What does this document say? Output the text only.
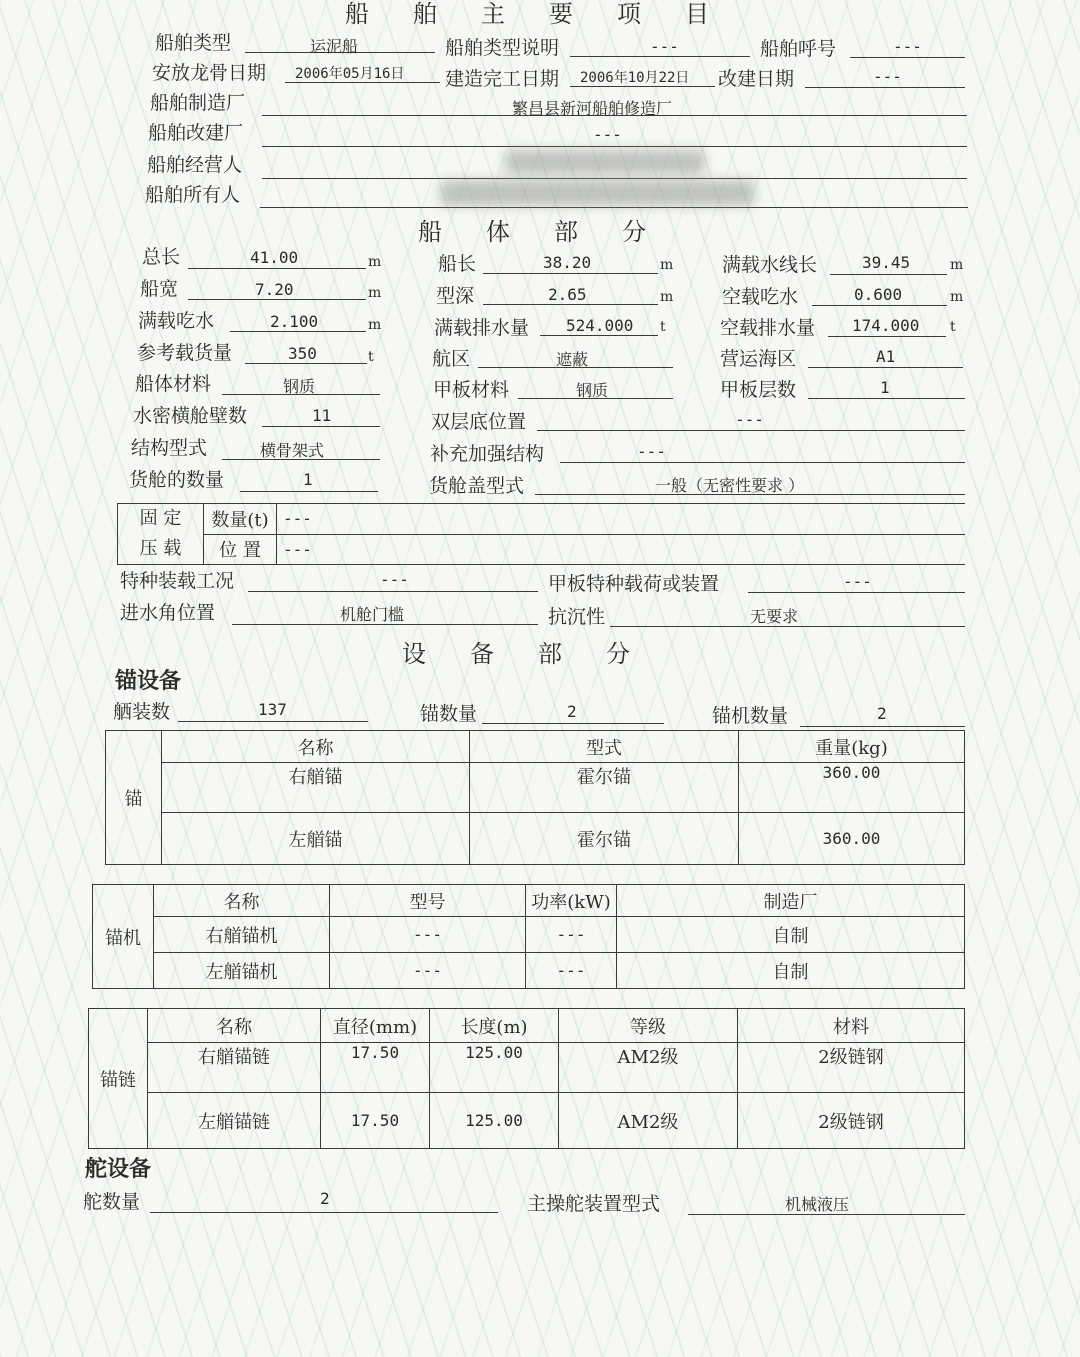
船舶主要项目
船舶类型	运泥船	船舶类型说明	---	船舶呼号	---
安放龙骨日期 2006年05月16日 建造完工日期 2006年10月22日 改建日期	---
船舶制造厂	繁昌县新河船舶修造厂
船舶改建厂	---
船舶经营人
船舶所有人
船体部分
总长	41.00	m	船长	38.20	m	满载水线长	39.45	m
船宽	7.20	m	型深	2.65	m	空载吃水	0.600	m
满载吃水	2.100	m	满载排水量 524.000 t	空载排水量 174.000 t
参考载货量	350	t	航区	遮蔽	营运海区	A1
船体材料	钢质	甲板材料	钢质	甲板层数	1
水密横舱壁数	11	双层底位置	---
结构型式	横骨架式	补充加强结构	---
货舱的数量	1	货舱盖型式	一般（无密性要求 ）
固 定
压 载	数量(t)	---
	位 置	---
特种装载工况	---	甲板特种载荷或装置	---
进水角位置	机舱门槛	抗沉性	无要求
设备部分
锚设备
舾装数	137	锚数量	2	锚机数量	2
锚	名称	型式	重量(kg)
	右艏锚	霍尔锚	360.00
	左艏锚	霍尔锚	360.00
锚机	名称	型号	功率(kW)	制造厂
	右艏锚机	---	---	自制
	左艏锚机	---	---	自制
锚链	名称	直径(mm)	长度(m)	等级	材料
	右艏锚链	17.50	125.00	AM2级	2级链钢
	左艏锚链	17.50	125.00	AM2级	2级链钢
舵设备
舵数量	2	主操舵装置型式	机械液压
